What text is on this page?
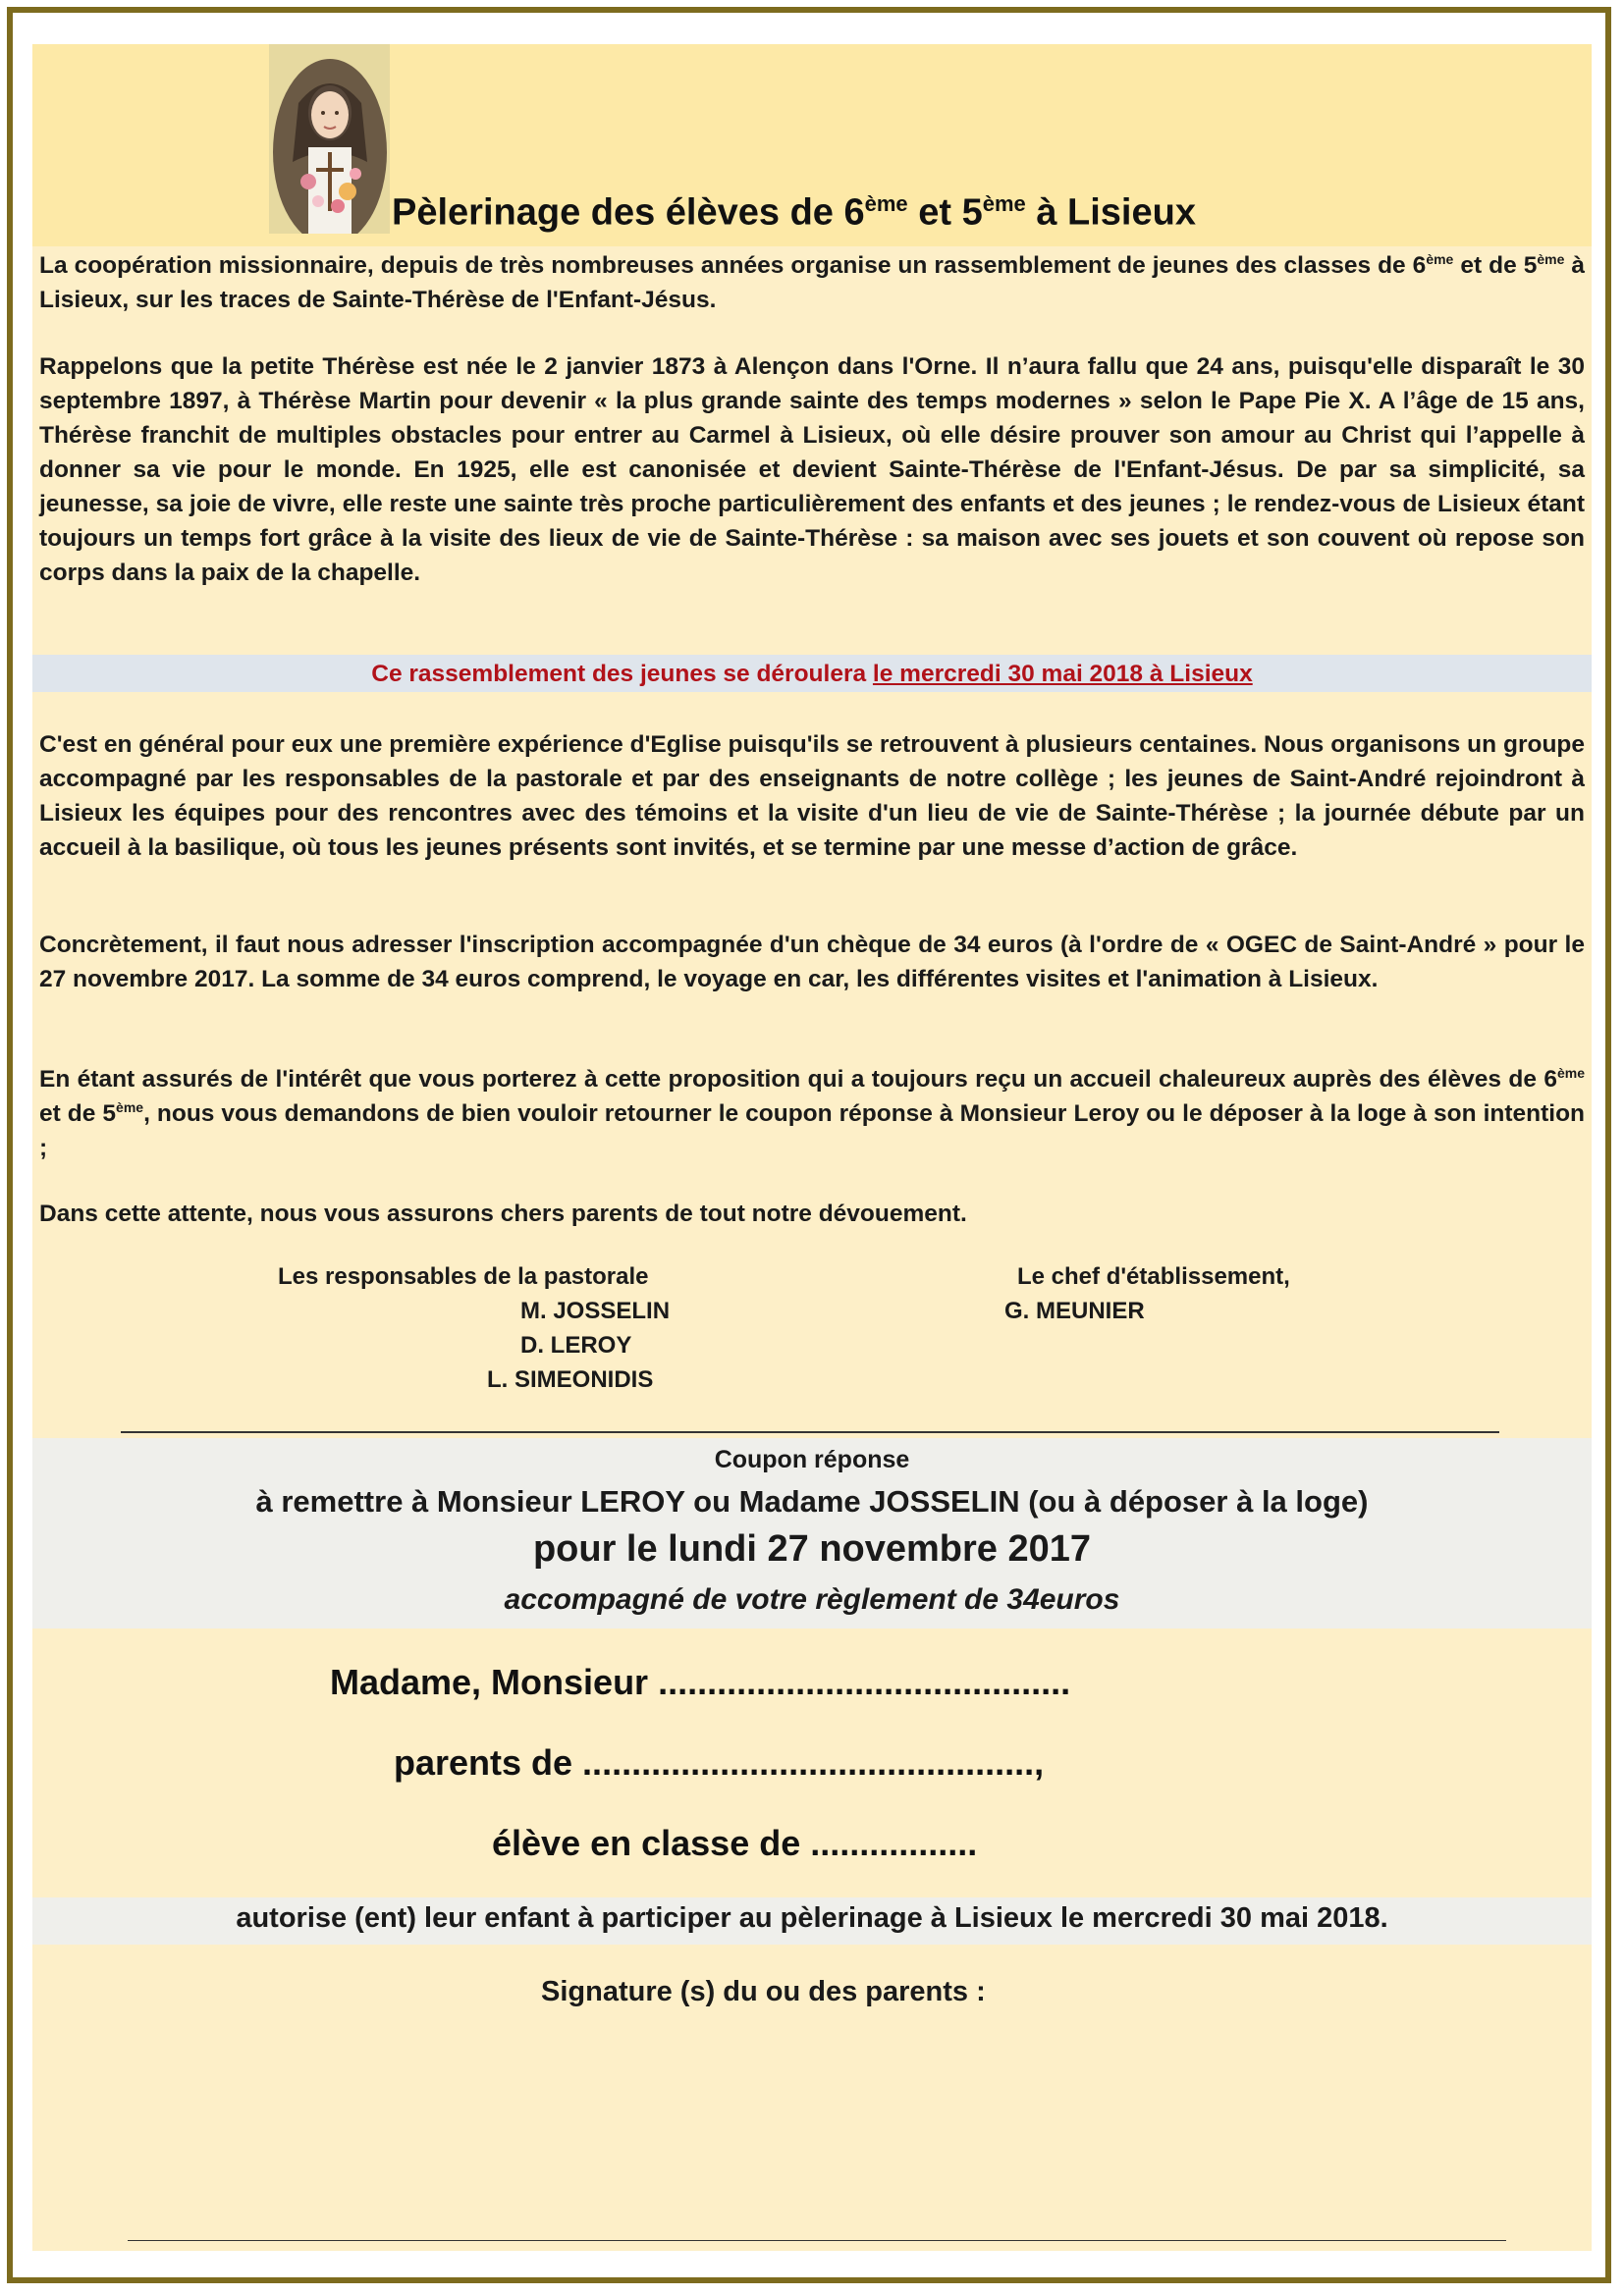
Pèlerinage des élèves de 6ème et 5ème à Lisieux
La coopération missionnaire, depuis de très nombreuses années organise un rassemblement de jeunes des classes de 6ème et de 5ème à Lisieux, sur les traces de Sainte-Thérèse de l'Enfant-Jésus.
Rappelons que la petite Thérèse est née le 2 janvier 1873 à Alençon dans l'Orne. Il n’aura fallu que 24 ans, puisqu'elle disparaît le 30 septembre 1897, à Thérèse Martin pour devenir « la plus grande sainte des temps modernes » selon le Pape Pie X. A l’âge de 15 ans, Thérèse franchit de multiples obstacles pour entrer au Carmel à Lisieux, où elle désire prouver son amour au Christ qui l’appelle à donner sa vie pour le monde. En 1925, elle est canonisée et devient Sainte-Thérèse de l'Enfant-Jésus. De par sa simplicité, sa jeunesse, sa joie de vivre, elle reste une sainte très proche particulièrement des enfants et des jeunes ; le rendez-vous de Lisieux étant toujours un temps fort grâce à la visite des lieux de vie de Sainte-Thérèse : sa maison avec ses jouets et son couvent où repose son corps dans la paix de la chapelle.
Ce rassemblement des jeunes se déroulera le mercredi 30 mai 2018 à Lisieux
C'est en général pour eux une première expérience d'Eglise puisqu'ils se retrouvent à plusieurs centaines. Nous organisons un groupe accompagné par les responsables de la pastorale et par des enseignants de notre collège ; les jeunes de Saint-André rejoindront à Lisieux les équipes pour des rencontres avec des témoins et la visite d'un lieu de vie de Sainte-Thérèse ; la journée débute par un accueil à la basilique, où tous les jeunes présents sont invités, et se termine par une messe d’action de grâce.
Concrètement, il faut nous adresser l'inscription accompagnée d'un chèque de 34 euros (à l'ordre de « OGEC de Saint-André » pour le 27 novembre 2017. La somme de 34 euros comprend, le voyage en car, les différentes visites et l'animation à Lisieux.
En étant assurés de l'intérêt que vous porterez à cette proposition qui a toujours reçu un accueil chaleureux auprès des élèves de 6ème et de 5ème, nous vous demandons de bien vouloir retourner le coupon réponse à Monsieur Leroy ou le déposer à la loge à son intention ;
Dans cette attente, nous vous assurons chers parents de tout notre dévouement.
Les responsables de la pastorale
M. JOSSELIN
D. LEROY
L. SIMEONIDIS
Le chef d'établissement,
G. MEUNIER
Coupon réponse
à remettre à Monsieur LEROY ou Madame JOSSELIN (ou à déposer à la loge)
pour le lundi 27 novembre 2017
accompagné de votre règlement de 34euros
Madame, Monsieur ..........................................
parents de ..............................................,
élève en classe de .................
autorise (ent) leur enfant à participer au pèlerinage à Lisieux le mercredi 30 mai 2018.
Signature (s) du ou des parents :
